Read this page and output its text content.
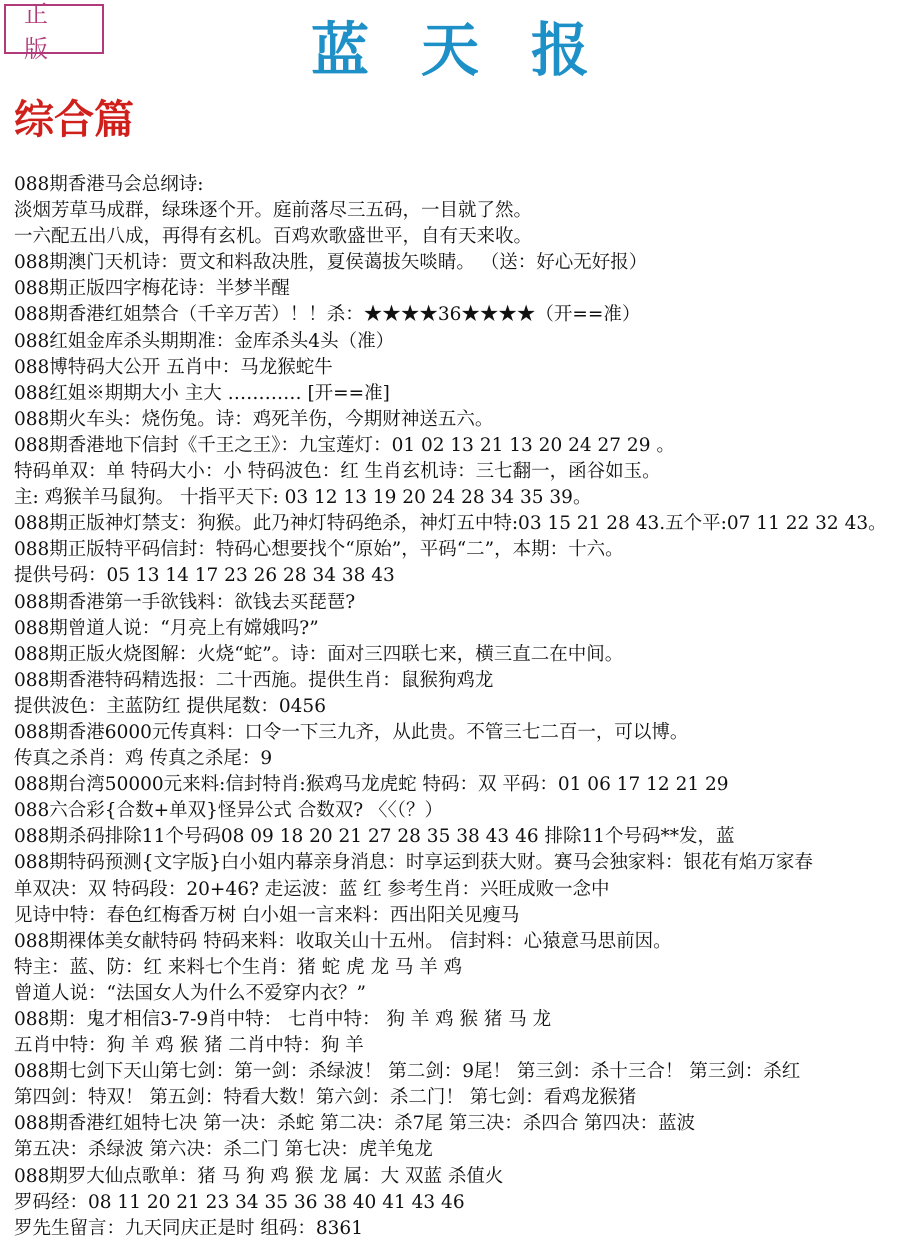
正版	蓝天报
综合篇
088期香港马会总纲诗:
淡烟芳草马成群，绿珠逐个开。庭前落尽三五码，一目就了然。
一六配五出八成，再得有玄机。百鸡欢歌盛世平，自有天来收。
088期澳门天机诗：贾文和料敌决胜，夏侯蔼拔矢啖睛。 （送：好心无好报）
088期正版四字梅花诗：半梦半醒
088期香港红姐禁合（千辛万苦）！！杀：★★★★36★★★★（开==准）
088红姐金库杀头期期准：金库杀头4头（准）
088博特码大公开 五肖中：马龙猴蛇牛
088红姐※期期大小 主大 ………… [开==准]
088期火车头：烧伤兔。诗：鸡死羊伤，今期财神送五六。
088期香港地下信封《千王之王》：九宝莲灯：01 02 13 21 13 20 24 27 29 。
特码单双：单 特码大小：小 特码波色：红 生肖玄机诗：三七翻一，函谷如玉。
主: 鸡猴羊马鼠狗。 十指平天下: 03 12 13 19 20 24 28 34 35 39。
088期正版神灯禁支：狗猴。此乃神灯特码绝杀，神灯五中特:03 15 21 28 43.五个平:07 11 22 32 43。
088期正版特平码信封：特码心想要找个“原始”，平码“二”，本期：十六。
提供号码：05 13 14 17 23 26 28 34 38 43
088期香港第一手欲钱料：欲钱去买琵琶?
088期曾道人说：“月亮上有嫦娥吗?”
088期正版火烧图解：火烧“蛇”。诗：面对三四联七来，横三直二在中间。
088期香港特码精选报：二十西施。提供生肖：鼠猴狗鸡龙
提供波色：主蓝防红 提供尾数：0456
088期香港6000元传真料：口令一下三九齐，从此贵。不管三七二百一，可以博。
传真之杀肖：鸡 传真之杀尾：9
088期台湾50000元来料:信封特肖:猴鸡马龙虎蛇 特码：双 平码：01 06 17 12 21 29
088六合彩{合数+单双}怪异公式 合数双? 〈〈（？）
088期杀码排除11个号码08 09 18 20 21 27 28 35 38 43 46 排除11个号码**发，蓝
088期特码预测{文字版}白小姐内幕亲身消息：时享运到获大财。赛马会独家料：银花有焰万家春
单双决：双 特码段：20+46? 走运波：蓝 红 参考生肖：兴旺成败一念中
见诗中特：春色红梅香万树 白小姐一言来料：西出阳关见瘦马
088期裸体美女献特码 特码来料：收取关山十五州。 信封料：心猿意马思前因。
特主：蓝、防：红 来料七个生肖：猪 蛇 虎 龙 马 羊 鸡
曾道人说：“法国女人为什么不爱穿内衣？”
088期：鬼才相信3-7-9肖中特： 七肖中特： 狗 羊 鸡 猴 猪 马 龙
五肖中特：狗 羊 鸡 猴 猪 二肖中特：狗 羊
088期七剑下天山第七剑：第一剑：杀绿波！ 第二剑：9尾！ 第三剑：杀十三合！ 第三剑：杀红
第四剑：特双！ 第五剑：特看大数！第六剑：杀二门！ 第七剑：看鸡龙猴猪
088期香港红姐特七决 第一决：杀蛇 第二决：杀7尾 第三决：杀四合 第四决：蓝波
第五决：杀绿波 第六决：杀二门 第七决：虎羊兔龙
088期罗大仙点歌单：猪 马 狗 鸡 猴 龙 属：大 双蓝 杀值火
罗码经：08 11 20 21 23 34 35 36 38 40 41 43 46
罗先生留言：九天同庆正是时 组码：8361
